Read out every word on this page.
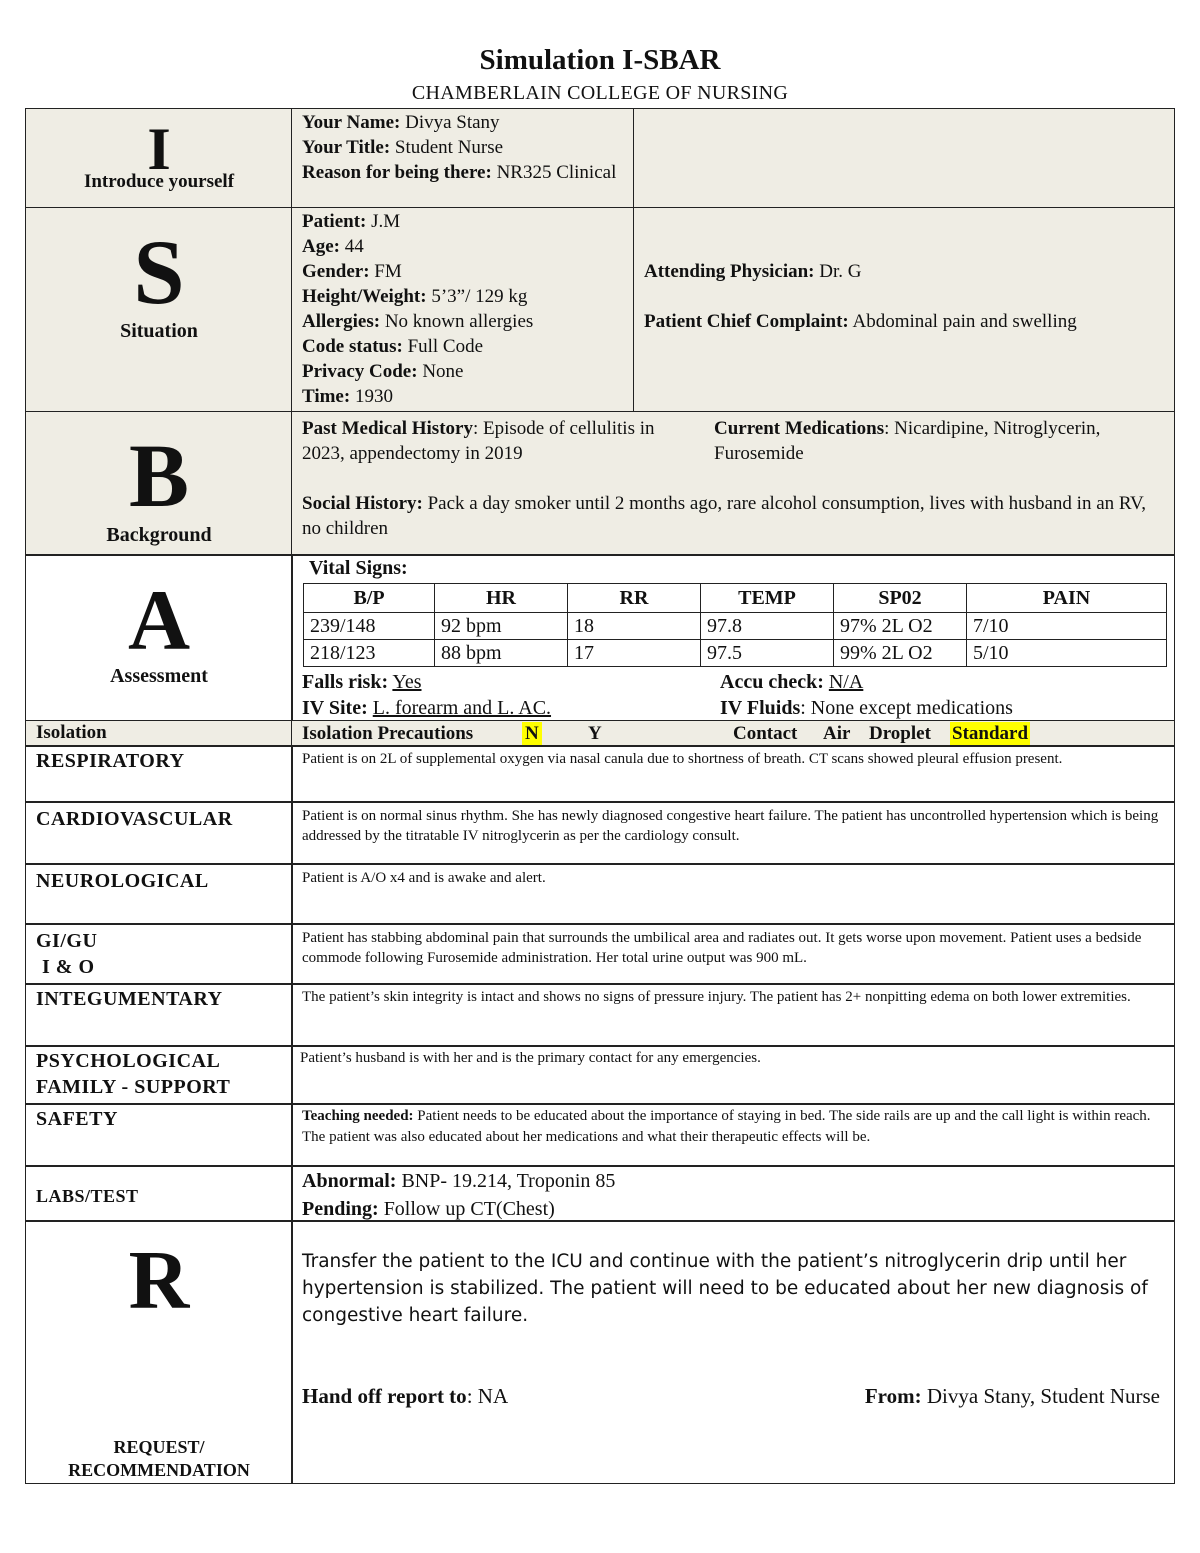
Simulation I-SBAR
CHAMBERLAIN COLLEGE OF NURSING
I
Introduce yourself
Your Name: Divya Stany
Your Title: Student Nurse
Reason for being there: NR325 Clinical
S
Situation
Patient: J.M
Age: 44
Gender: FM
Height/Weight: 5’3”/ 129 kg
Allergies: No known allergies
Code status: Full Code
Privacy Code: None
Time: 1930
Attending Physician: Dr. G
Patient Chief Complaint: Abdominal pain and swelling
B
Background
Past Medical History: Episode of cellulitis in 2023, appendectomy in 2019
Current Medications: Nicardipine, Nitroglycerin, Furosemide
Social History: Pack a day smoker until 2 months ago, rare alcohol consumption, lives with husband in an RV, no children
A
Assessment
Vital Signs:
B/P	HR	RR	TEMP	SP02	PAIN
239/148	92 bpm	18	97.8	97% 2L O2	7/10
218/123	88 bpm	17	97.5	99% 2L O2	5/10
Falls risk: Yes	Accu check: N/A
IV Site: L. forearm and L. AC.	IV Fluids: None except medications
Isolation	Isolation Precautions	N	Y	Contact Air Droplet Standard
RESPIRATORY	Patient is on 2L of supplemental oxygen via nasal canula due to shortness of breath. CT scans showed pleural effusion present.
CARDIOVASCULAR	Patient is on normal sinus rhythm. She has newly diagnosed congestive heart failure. The patient has uncontrolled hypertension which is being addressed by the titratable IV nitroglycerin as per the cardiology consult.
NEUROLOGICAL	Patient is A/O x4 and is awake and alert.
GI/GU
I & O
Patient has stabbing abdominal pain that surrounds the umbilical area and radiates out. It gets worse upon movement. Patient uses a bedside commode following Furosemide administration. Her total urine output was 900 mL.
INTEGUMENTARY	The patient’s skin integrity is intact and shows no signs of pressure injury. The patient has 2+ nonpitting edema on both lower extremities.
PSYCHOLOGICAL
FAMILY - SUPPORT
Patient’s husband is with her and is the primary contact for any emergencies.
SAFETY	Teaching needed: Patient needs to be educated about the importance of staying in bed. The side rails are up and the call light is within reach. The patient was also educated about her medications and what their therapeutic effects will be.
LABS/TEST
Abnormal: BNP- 19.214, Troponin 85
Pending: Follow up CT(Chest)
R
REQUEST/
RECOMMENDATION
Transfer the patient to the ICU and continue with the patient’s nitroglycerin drip until her hypertension is stabilized. The patient will need to be educated about her new diagnosis of congestive heart failure.
Hand off report to: NA	From: Divya Stany, Student Nurse
